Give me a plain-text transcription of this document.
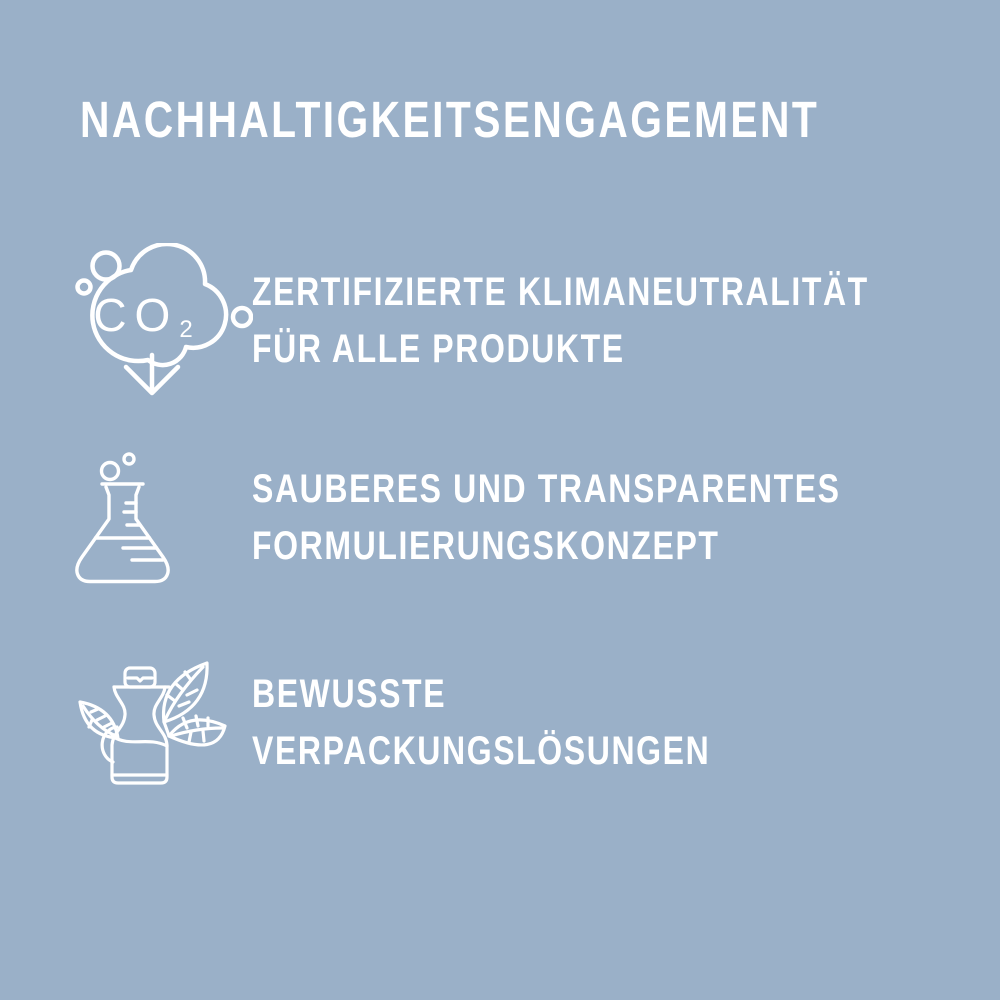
NACHHALTIGKEITSENGAGEMENT
CO2
ZERTIFIZIERTE KLIMANEUTRALITÄT
FÜR ALLE PRODUKTE
SAUBERES UND TRANSPARENTES
FORMULIERUNGSKONZEPT
BEWUSSTE
VERPACKUNGSLÖSUNGEN
